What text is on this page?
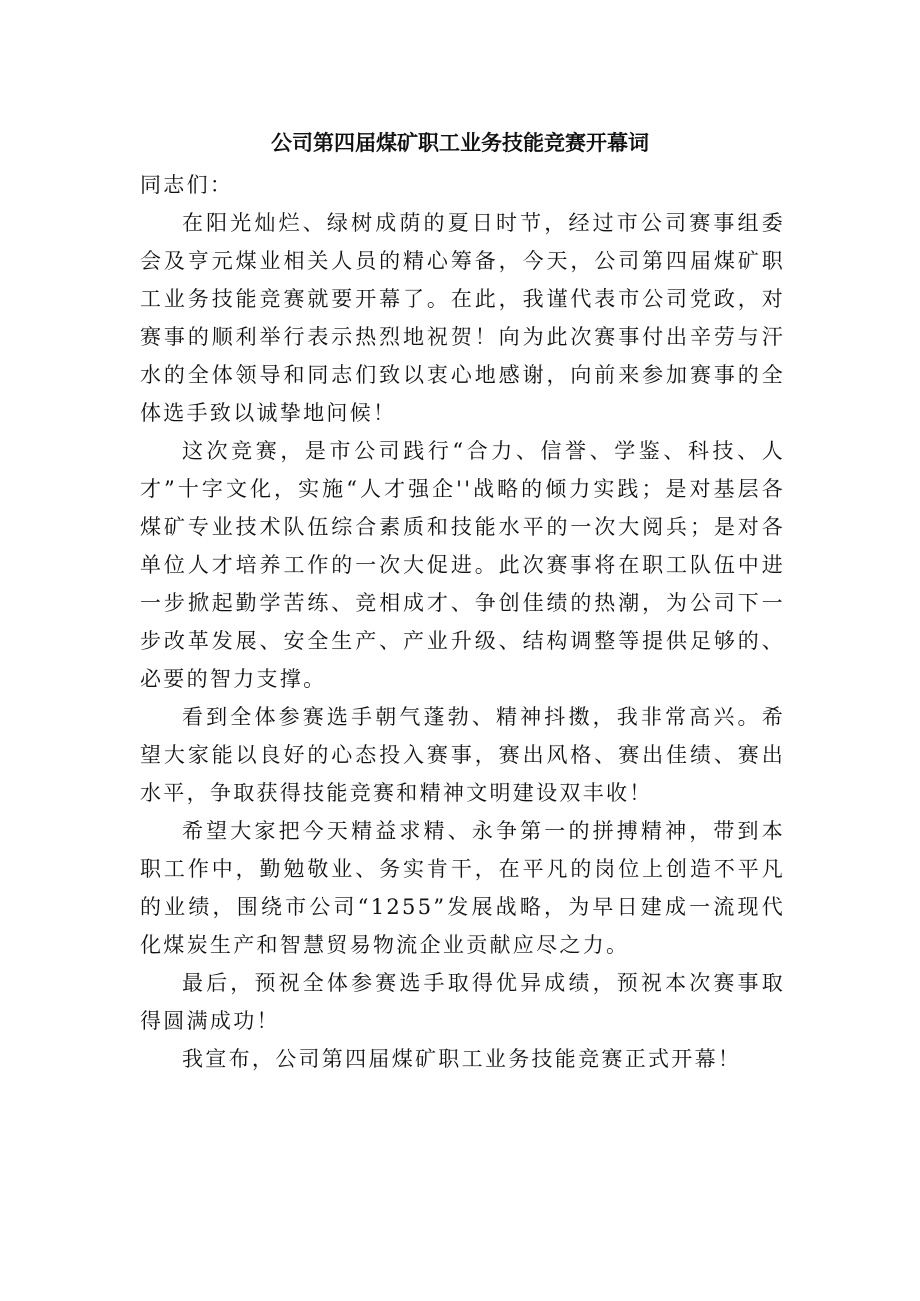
公司第四届煤矿职工业务技能竞赛开幕词

同志们：

在阳光灿烂、绿树成荫的夏日时节，经过市公司赛事组委会及亨元煤业相关人员的精心筹备，今天，公司第四届煤矿职工业务技能竞赛就要开幕了。在此，我谨代表市公司党政，对赛事的顺利举行表示热烈地祝贺！向为此次赛事付出辛劳与汗水的全体领导和同志们致以衷心地感谢，向前来参加赛事的全体选手致以诚挚地问候！

这次竞赛，是市公司践行“合力、信誉、学鉴、科技、人才”十字文化，实施“人才强企''战略的倾力实践；是对基层各煤矿专业技术队伍综合素质和技能水平的一次大阅兵；是对各单位人才培养工作的一次大促进。此次赛事将在职工队伍中进一步掀起勤学苦练、竞相成才、争创佳绩的热潮，为公司下一步改革发展、安全生产、产业升级、结构调整等提供足够的、必要的智力支撑。

看到全体参赛选手朝气蓬勃、精神抖擞，我非常高兴。希望大家能以良好的心态投入赛事，赛出风格、赛出佳绩、赛出水平，争取获得技能竞赛和精神文明建设双丰收！

希望大家把今天精益求精、永争第一的拼搏精神，带到本职工作中，勤勉敬业、务实肯干，在平凡的岗位上创造不平凡的业绩，围绕市公司“1255”发展战略，为早日建成一流现代化煤炭生产和智慧贸易物流企业贡献应尽之力。

最后，预祝全体参赛选手取得优异成绩，预祝本次赛事取得圆满成功！

我宣布，公司第四届煤矿职工业务技能竞赛正式开幕！
